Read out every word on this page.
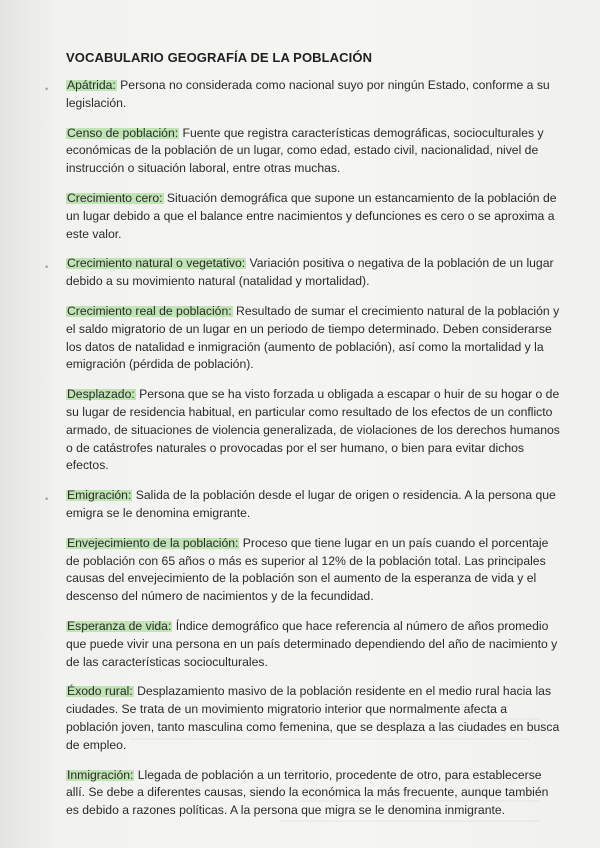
VOCABULARIO GEOGRAFÍA DE LA POBLACIÓN
• Apátrida: Persona no considerada como nacional suyo por ningún Estado, conforme a su legislación.
Censo de población: Fuente que registra características demográficas, socioculturales y económicas de la población de un lugar, como edad, estado civil, nacionalidad, nivel de instrucción o situación laboral, entre otras muchas.
Crecimiento cero: Situación demográfica que supone un estancamiento de la población de un lugar debido a que el balance entre nacimientos y defunciones es cero o se aproxima a este valor.
• Crecimiento natural o vegetativo: Variación positiva o negativa de la población de un lugar debido a su movimiento natural (natalidad y mortalidad).
Crecimiento real de población: Resultado de sumar el crecimiento natural de la población y el saldo migratorio de un lugar en un periodo de tiempo determinado. Deben considerarse los datos de natalidad e inmigración (aumento de población), así como la mortalidad y la emigración (pérdida de población).
Desplazado: Persona que se ha visto forzada u obligada a escapar o huir de su hogar o de su lugar de residencia habitual, en particular como resultado de los efectos de un conflicto armado, de situaciones de violencia generalizada, de violaciones de los derechos humanos o de catástrofes naturales o provocadas por el ser humano, o bien para evitar dichos efectos.
• Emigración: Salida de la población desde el lugar de origen o residencia. A la persona que emigra se le denomina emigrante.
Envejecimiento de la población: Proceso que tiene lugar en un país cuando el porcentaje de población con 65 años o más es superior al 12% de la población total. Las principales causas del envejecimiento de la población son el aumento de la esperanza de vida y el descenso del número de nacimientos y de la fecundidad.
Esperanza de vida: Índice demográfico que hace referencia al número de años promedio que puede vivir una persona en un país determinado dependiendo del año de nacimiento y de las características socioculturales.
Éxodo rural: Desplazamiento masivo de la población residente en el medio rural hacia las ciudades. Se trata de un movimiento migratorio interior que normalmente afecta a población joven, tanto masculina como femenina, que se desplaza a las ciudades en busca de empleo.
Inmigración: Llegada de población a un territorio, procedente de otro, para establecerse allí. Se debe a diferentes causas, siendo la económica la más frecuente, aunque también es debido a razones políticas. A la persona que migra se le denomina inmigrante.
